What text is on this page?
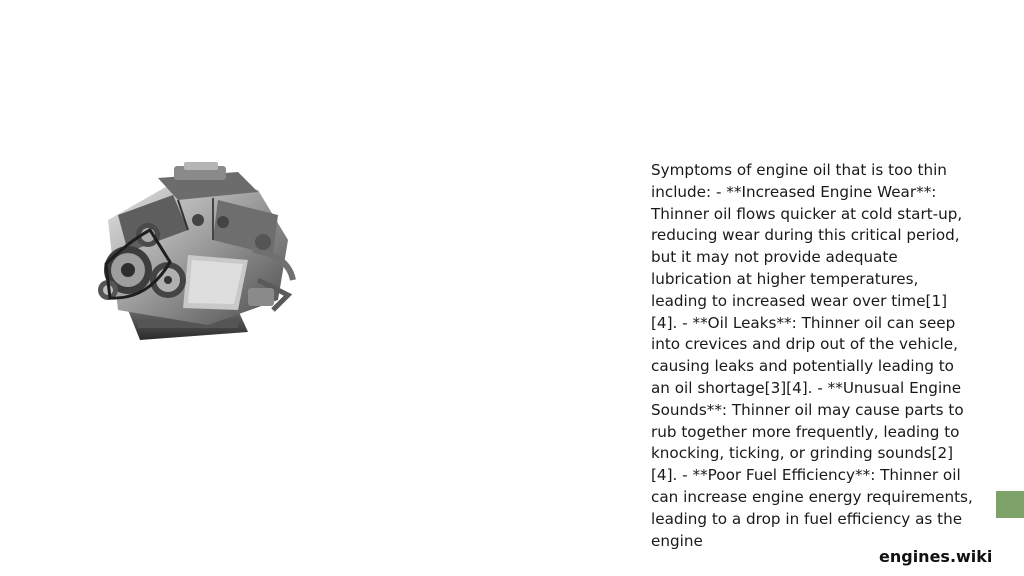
Symptoms of engine oil that is too thin include: - **Increased Engine Wear**: Thinner oil flows quicker at cold start-up, reducing wear during this critical period, but it may not provide adequate lubrication at higher temperatures, leading to increased wear over time[1][4]. - **Oil Leaks**: Thinner oil can seep into crevices and drip out of the vehicle, causing leaks and potentially leading to an oil shortage[3][4]. - **Unusual Engine Sounds**: Thinner oil may cause parts to rub together more frequently, leading to knocking, ticking, or grinding sounds[2][4]. - **Poor Fuel Efficiency**: Thinner oil can increase engine energy requirements, leading to a drop in fuel efficiency as the engine

engines.wiki
